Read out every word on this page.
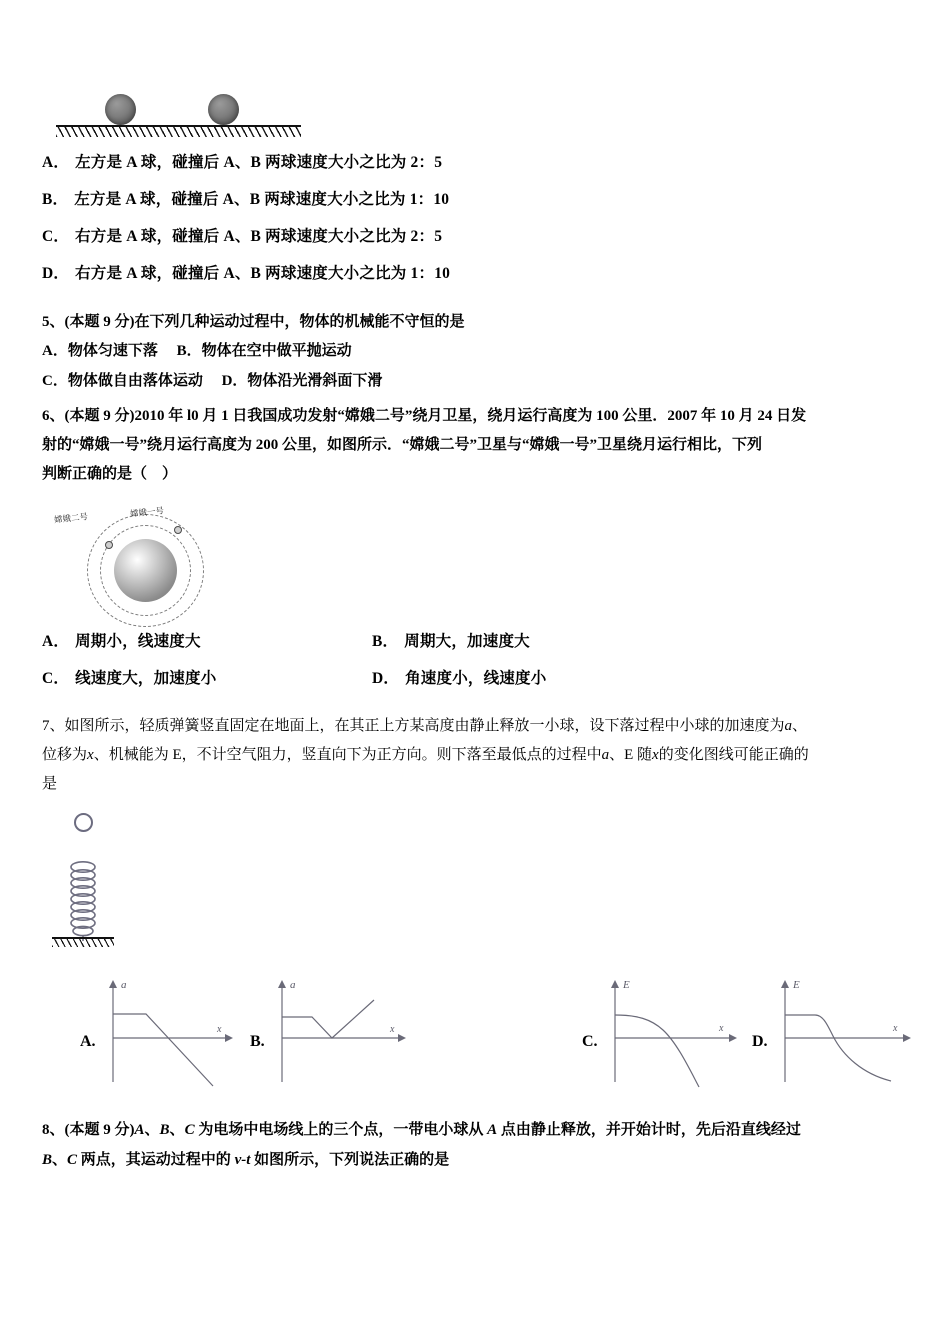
A． 左方是 A 球，碰撞后 A、B 两球速度大小之比为 2：5
B． 左方是 A 球，碰撞后 A、B 两球速度大小之比为 1：10
C． 右方是 A 球，碰撞后 A、B 两球速度大小之比为 2：5
D． 右方是 A 球，碰撞后 A、B 两球速度大小之比为 1：10
5、(本题 9 分)在下列几种运动过程中，物体的机械能不守恒的是
A．物体匀速下落　 B．物体在空中做平抛运动
C．物体做自由落体运动　 D．物体沿光滑斜面下滑
6、(本题 9 分)2010 年 l0 月 1 日我国成功发射“嫦娥二号”绕月卫星，绕月运行高度为 100 公里．2007 年 10 月 24 日发
射的“嫦娥一号”绕月运行高度为 200 公里，如图所示．“嫦娥二号”卫星与“嫦娥一号”卫星绕月运行相比，下列
判断正确的是（　）
嫦娥二号	嫦娥一号
A． 周期小，线速度大	B． 周期大，加速度大
C． 线速度大，加速度小	D． 角速度小，线速度小
7、如图所示，轻质弹簧竖直固定在地面上，在其正上方某高度由静止释放一小球，设下落过程中小球的加速度为a、
位移为x、机械能为 E，不计空气阻力，竖直向下为正方向。则下落至最低点的过程中a、E 随x的变化图线可能正确的
是
A.
a
x
B.
a
x
C.
E
x
D.
E
x
8、(本题 9 分)A、B、C 为电场中电场线上的三个点，一带电小球从 A 点由静止释放，并开始计时，先后沿直线经过
B、C 两点，其运动过程中的 v-t 如图所示，下列说法正确的是
